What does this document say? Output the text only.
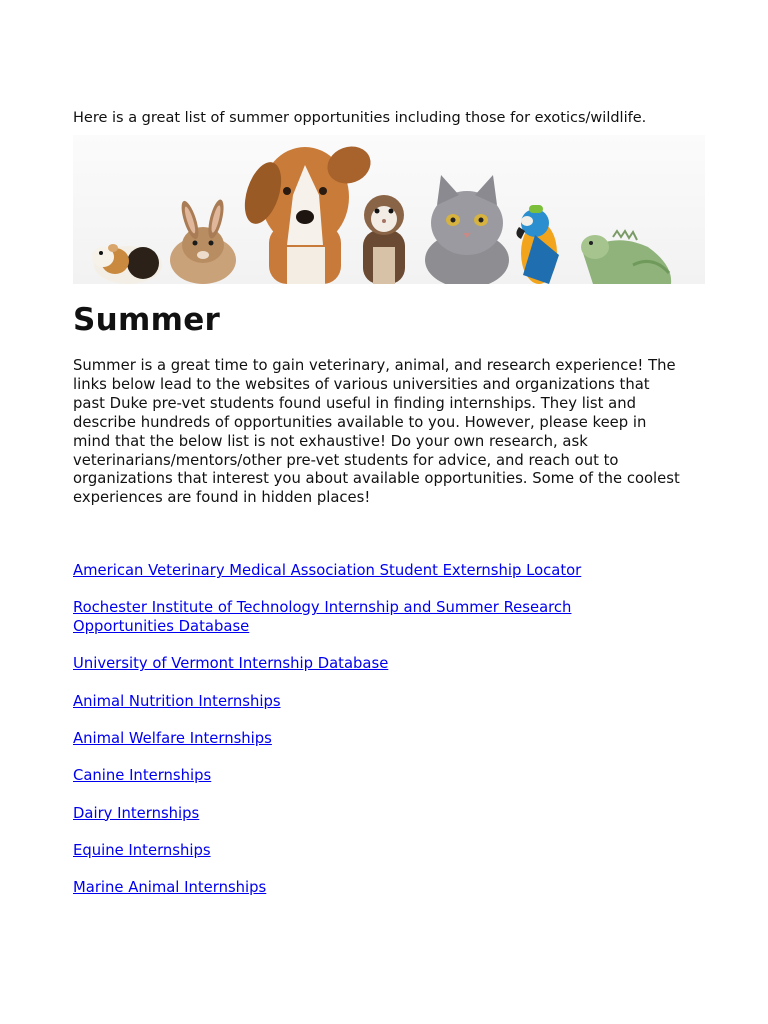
Here is a great list of summer opportunities including those for exotics/wildlife.

Summer

Summer is a great time to gain veterinary, animal, and research experience! The links below lead to the websites of various universities and organizations that past Duke pre-vet students found useful in finding internships. They list and describe hundreds of opportunities available to you. However, please keep in mind that the below list is not exhaustive! Do your own research, ask veterinarians/mentors/other pre-vet students for advice, and reach out to organizations that interest you about available opportunities. Some of the coolest experiences are found in hidden places!

American Veterinary Medical Association Student Externship Locator
Rochester Institute of Technology Internship and Summer Research Opportunities Database
University of Vermont Internship Database
Animal Nutrition Internships
Animal Welfare Internships
Canine Internships
Dairy Internships
Equine Internships
Marine Animal Internships
